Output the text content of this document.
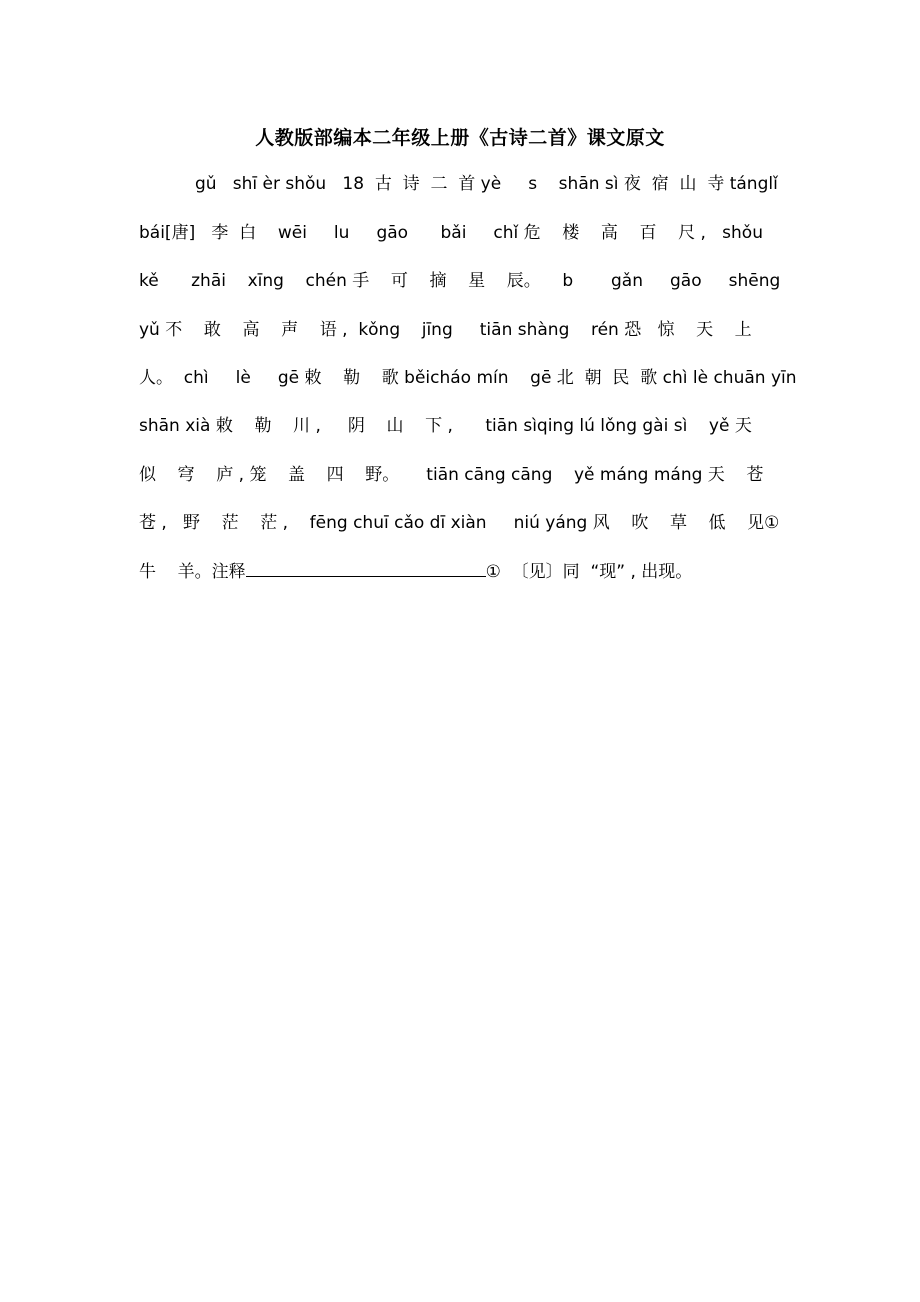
人教版部编本二年级上册《古诗二首》课文原文
gǔ   shī èr shǒu   18  古  诗  二  首 yè     s    shān sì 夜  宿  山  寺 tánglǐ
bái[唐]   李  白    wēi     lu     gāo      bǎi     chǐ 危    楼    高    百    尺 ,   shǒu
kě      zhāi    xīng    chén 手    可    摘    星    辰。    b       gǎn     gāo     shēng
yǔ 不    敢    高    声    语 ,  kǒng    jīng     tiān shàng    rén 恐   惊    天    上
人。  chì     lè     gē 敕    勒    歌 běicháo mín    gē 北  朝  民  歌 chì lè chuān yīn
shān xià 敕    勒    川 ,     阴    山    下 ,      tiān sìqing lú lǒng gài sì    yě 天
似    穹    庐 , 笼    盖    四    野。     tiān cāng cāng    yě máng máng 天    苍
苍 ,   野    茫    茫 ,    fēng chuī cǎo dī xiàn     niú yáng 风    吹    草    低    见①
牛    羊。注释	①  〔见〕同  “现” , 出现。
